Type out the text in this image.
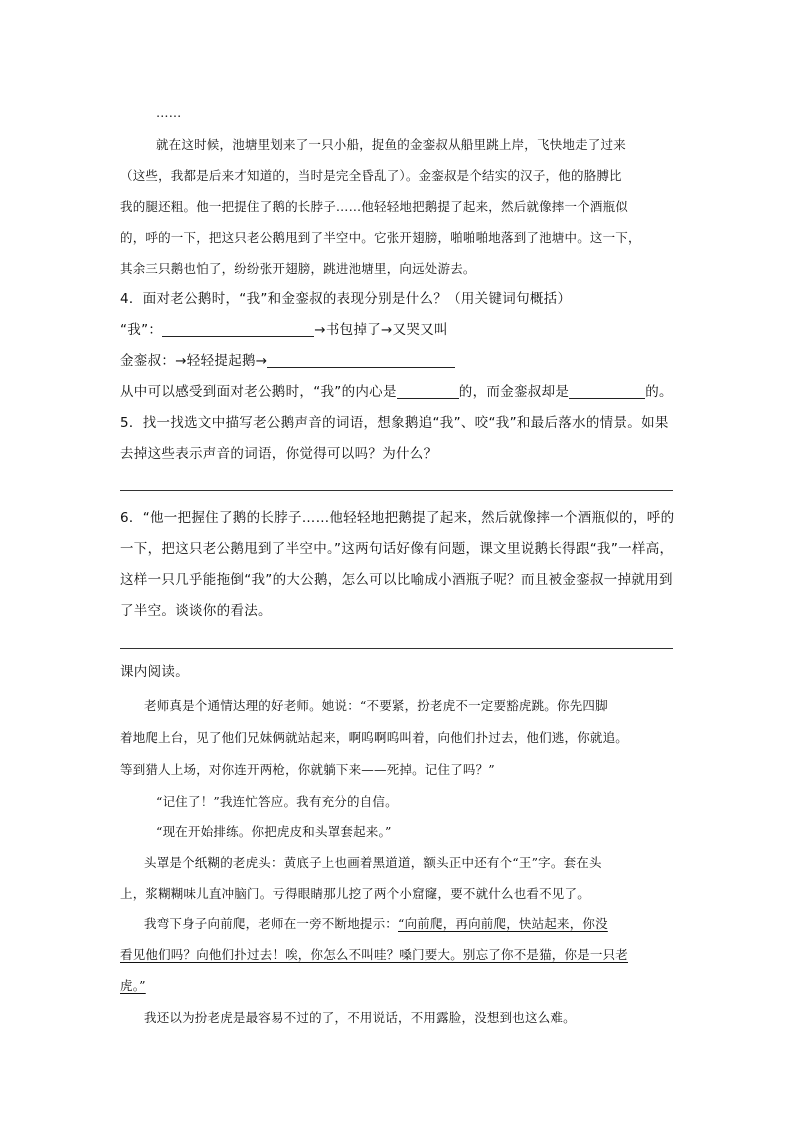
……
就在这时候，池塘里划来了一只小船，捉鱼的金銮叔从船里跳上岸，飞快地走了过来
（这些，我都是后来才知道的，当时是完全昏乱了）。金銮叔是个结实的汉子，他的胳膊比
我的腿还粗。他一把提住了鹅的长脖子……他轻轻地把鹅提了起来，然后就像摔一个酒瓶似
的，呼的一下，把这只老公鹅甩到了半空中。它张开翅膀，啪啪啪地落到了池塘中。这一下，
其余三只鹅也怕了，纷纷张开翅膀，跳进池塘里，向远处游去。
4．面对老公鹅时，“我”和金銮叔的表现分别是什么？（用关键词句概括）
“我”：	→书包掉了→又哭又叫
金銮叔：→轻轻提起鹅→
从中可以感受到面对老公鹅时，“我”的内心是	的，而金銮叔却是	的。
5．找一找选文中描写老公鹅声音的词语，想象鹅追“我”、咬“我”和最后落水的情景。如果
去掉这些表示声音的词语，你觉得可以吗？为什么？
6．“他一把握住了鹅的长脖子……他轻轻地把鹅提了起来，然后就像摔一个酒瓶似的，呼的
一下，把这只老公鹅甩到了半空中。”这两句话好像有问题，课文里说鹅长得跟“我”一样高，
这样一只几乎能拖倒“我”的大公鹅，怎么可以比喻成小酒瓶子呢？而且被金銮叔一掉就用到
了半空。谈谈你的看法。
课内阅读。
老师真是个通情达理的好老师。她说：“不要紧，扮老虎不一定要豁虎跳。你先四脚
着地爬上台，见了他们兄妹俩就站起来，啊呜啊呜叫着，向他们扑过去，他们逃，你就追。
等到猎人上场，对你连开两枪，你就躺下来——死掉。记住了吗？”
“记住了！”我连忙答应。我有充分的自信。
“现在开始排练。你把虎皮和头罩套起来。”
头罩是个纸糊的老虎头：黄底子上也画着黑道道，额头正中还有个“王”字。套在头
上，浆糊糊味儿直冲脑门。亏得眼睛那儿挖了两个小窟窿，要不就什么也看不见了。
我弯下身子向前爬，老师在一旁不断地提示：“向前爬，再向前爬，快站起来，你没
看见他们吗？向他们扑过去！唉，你怎么不叫哇？嗓门要大。别忘了你不是猫，你是一只老
虎。”
我还以为扮老虎是最容易不过的了，不用说话，不用露脸，没想到也这么难。
